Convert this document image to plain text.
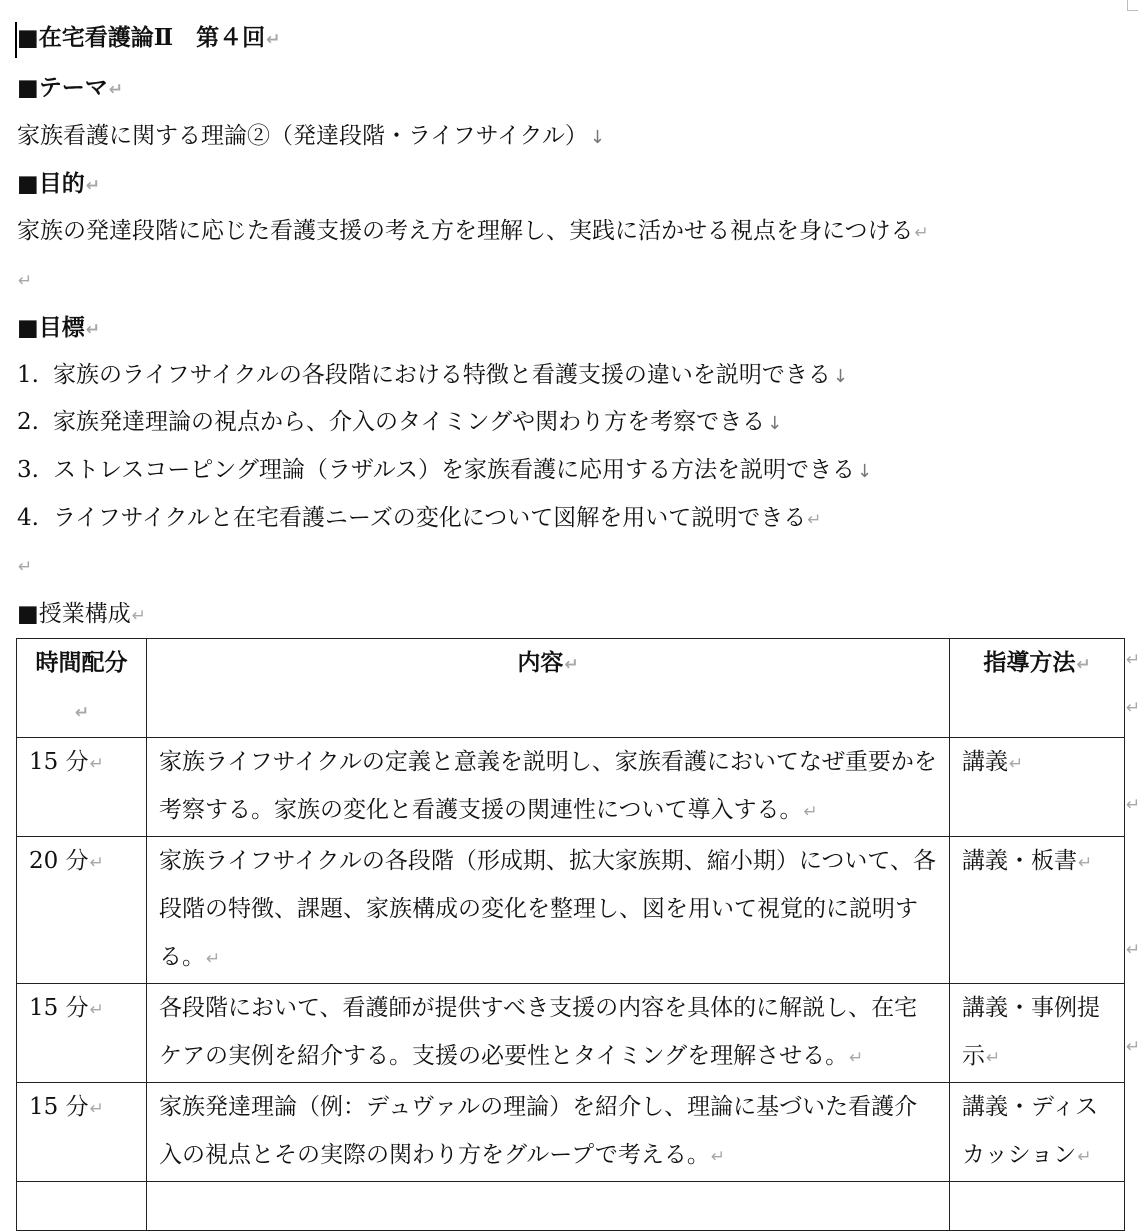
■在宅看護論Ⅱ　第４回↵
■テーマ↵
家族看護に関する理論②（発達段階・ライフサイクル） ↓
■目的↵
家族の発達段階に応じた看護支援の考え方を理解し、実践に活かせる視点を身につける↵
↵
■目標↵
1. 家族のライフサイクルの各段階における特徴と看護支援の違いを説明できる ↓
2. 家族発達理論の視点から、介入のタイミングや関わり方を考察できる ↓
3. ストレスコーピング理論（ラザルス）を家族看護に応用する方法を説明できる ↓
4. ライフサイクルと在宅看護ニーズの変化について図解を用いて説明できる↵
↵
■授業構成↵
時間配分↵	内容↵	指導方法↵
15 分↵	家族ライフサイクルの定義と意義を説明し、家族看護においてなぜ重要かを考察する。家族の変化と看護支援の関連性について導入する。↵	講義↵
20 分↵	家族ライフサイクルの各段階（形成期、拡大家族期、縮小期）について、各段階の特徴、課題、家族構成の変化を整理し、図を用いて視覚的に説明する。↵	講義・板書↵
15 分↵	各段階において、看護師が提供すべき支援の内容を具体的に解説し、在宅ケアの実例を紹介する。支援の必要性とタイミングを理解させる。↵	講義・事例提示↵
15 分↵	家族発達理論（例：デュヴァルの理論）を紹介し、理論に基づいた看護介入の視点とその実際の関わり方をグループで考える。↵	講義・ディスカッション↵

↵
↵
↵
↵
↵
